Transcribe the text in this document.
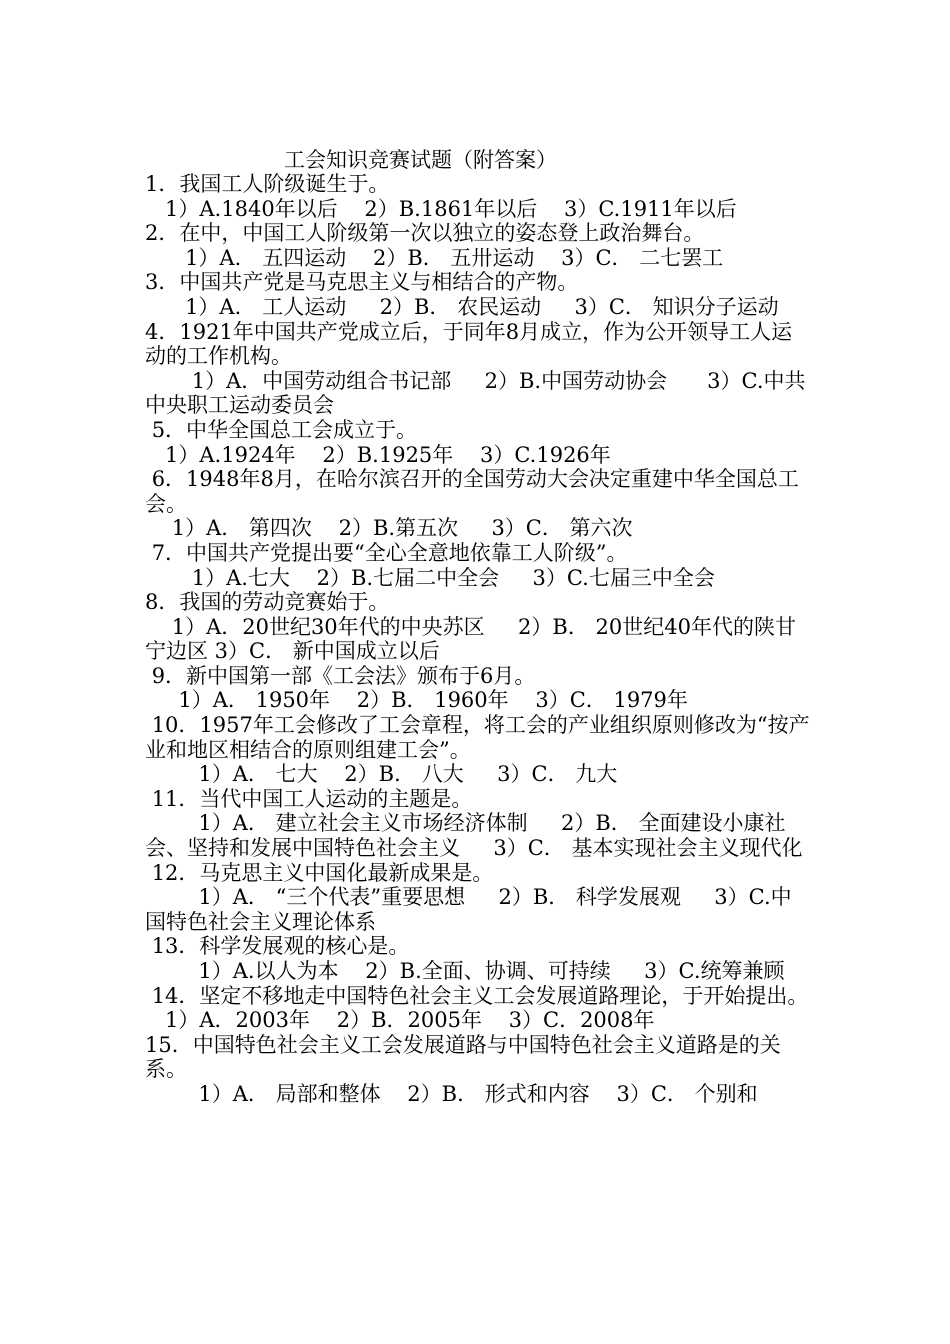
工会知识竞赛试题（附答案）
1．我国工人阶级诞生于。
1）A.1840年以后    2）B.1861年以后    3）C.1911年以后
2．在中，中国工人阶级第一次以独立的姿态登上政治舞台。
1）A． 五四运动    2）B． 五卅运动    3）C． 二七罢工
3．中国共产党是马克思主义与相结合的产物。
1）A． 工人运动     2）B． 农民运动     3）C． 知识分子运动
4．1921年中国共产党成立后，于同年8月成立，作为公开领导工人运动的工作机构。
1）A．中国劳动组合书记部     2）B.中国劳动协会      3）C.中共中央职工运动委员会
5．中华全国总工会成立于。
1）A.1924年    2）B.1925年    3）C.1926年
6．1948年8月，在哈尔滨召开的全国劳动大会决定重建中华全国总工会。
1）A． 第四次    2）B.第五次     3）C． 第六次
7．中国共产党提出要“全心全意地依靠工人阶级”。
1）A.七大    2）B.七届二中全会     3）C.七届三中全会
8．我国的劳动竞赛始于。
1）A．20世纪30年代的中央苏区     2）B． 20世纪40年代的陕甘宁边区 3）C． 新中国成立以后
9．新中国第一部《工会法》颁布于6月。
1）A． 1950年    2）B． 1960年    3）C． 1979年
10．1957年工会修改了工会章程，将工会的产业组织原则修改为“按产业和地区相结合的原则组建工会”。
1）A． 七大    2）B． 八大     3）C． 九大
11．当代中国工人运动的主题是。
1）A． 建立社会主义市场经济体制     2）B． 全面建设小康社会、坚持和发展中国特色社会主义     3）C． 基本实现社会主义现代化
12．马克思主义中国化最新成果是。
1）A． “三个代表”重要思想     2）B． 科学发展观     3）C.中国特色社会主义理论体系
13．科学发展观的核心是。
1）A.以人为本    2）B.全面、协调、可持续     3）C.统筹兼顾
14．坚定不移地走中国特色社会主义工会发展道路理论，于开始提出。
1）A．2003年    2）B．2005年    3）C．2008年
15．中国特色社会主义工会发展道路与中国特色社会主义道路是的关系。
1）A． 局部和整体    2）B． 形式和内容    3）C． 个别和
